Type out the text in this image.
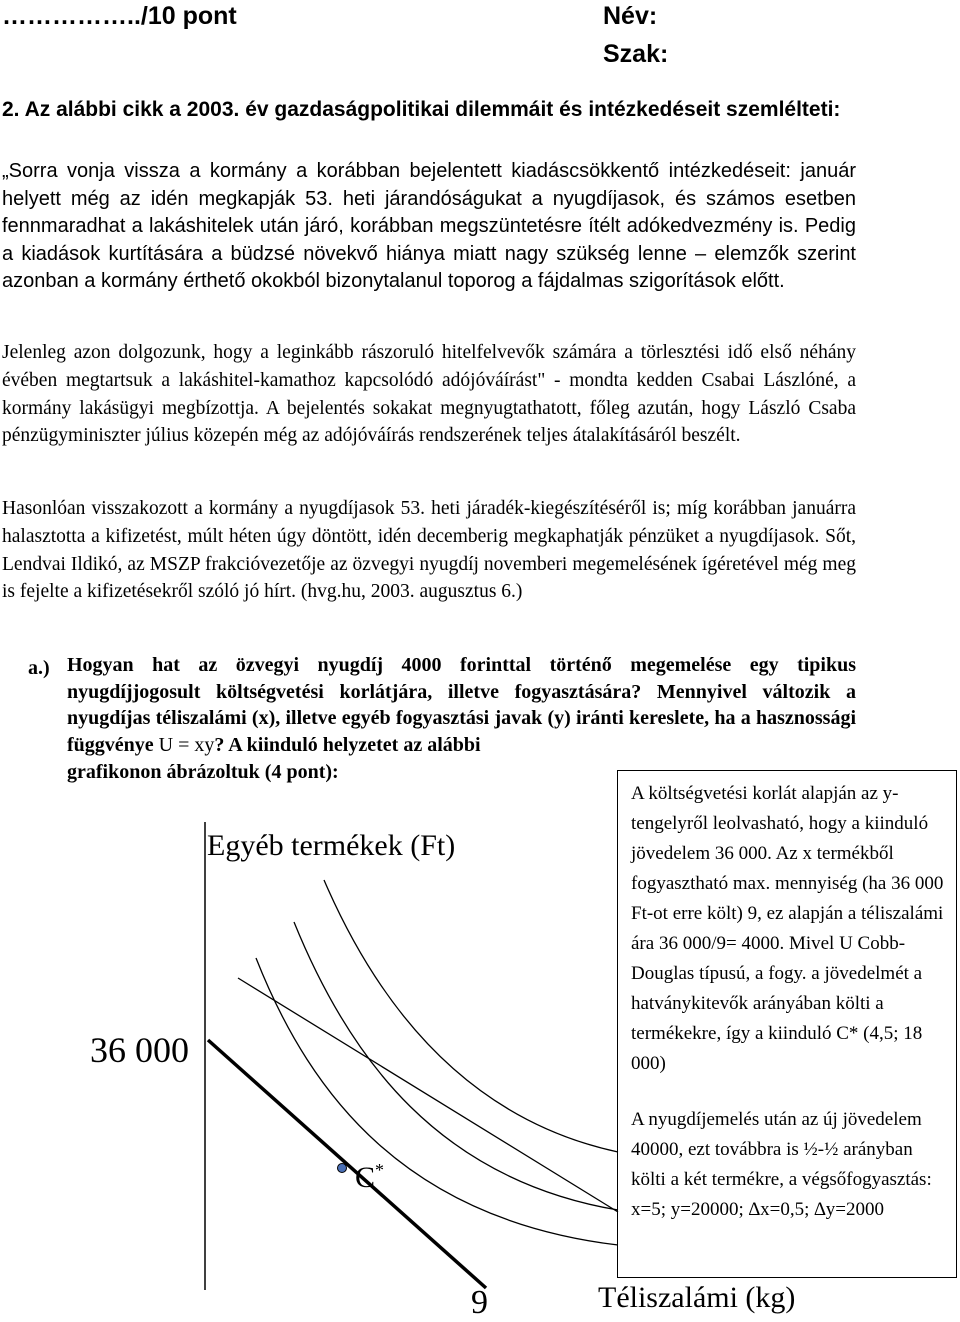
……………../10 pont	Név:
Szak:
2. Az alábbi cikk a 2003. év gazdaságpolitikai dilemmáit és intézkedéseit szemlélteti:

„Sorra vonja vissza a kormány a korábban bejelentett kiadáscsökkentő intézkedéseit: január helyett még az idén megkapják 53. heti járandóságukat a nyugdíjasok, és számos esetben fennmaradhat a lakáshitelek után járó, korábban megszüntetésre ítélt adókedvezmény is. Pedig a kiadások kurtítására a büdzsé növekvő hiánya miatt nagy szükség lenne – elemzők szerint azonban a kormány érthető okokból bizonytalanul toporog a fájdalmas szigorítások előtt.

Jelenleg azon dolgozunk, hogy a leginkább rászoruló hitelfelvevők számára a törlesztési idő első néhány évében megtartsuk a lakáshitel-kamathoz kapcsolódó adójóváírást" - mondta kedden Csabai Lászlóné, a kormány lakásügyi megbízottja. A bejelentés sokakat megnyugtathatott, főleg azután, hogy László Csaba pénzügyminiszter július közepén még az adójóváírás rendszerének teljes átalakításáról beszélt.

Hasonlóan visszakozott a kormány a nyugdíjasok 53. heti járadék-kiegészítéséről is; míg korábban januárra halasztotta a kifizetést, múlt héten úgy döntött, idén decemberig megkaphatják pénzüket a nyugdíjasok. Sőt, Lendvai Ildikó, az MSZP frakcióvezetője az özvegyi nyugdíj novemberi megemelésének ígéretével még meg is fejelte a kifizetésekről szóló jó hírt. (hvg.hu, 2003. augusztus 6.)

a.) Hogyan hat az özvegyi nyugdíj 4000 forinttal történő megemelése egy tipikus nyugdíjjogosult költségvetési korlátjára, illetve fogyasztására? Mennyivel változik a nyugdíjas téliszalámi (x), illetve egyéb fogyasztási javak (y) iránti kereslete, ha a hasznossági függvénye U = xy? A kiinduló helyzetet az alábbi

grafikonon ábrázoltuk (4 pont):
Egyéb termékek (Ft)
36 000
C*
9	Téliszalámi (kg)

A költségvetési korlát alapján az y-tengelyről leolvasható, hogy a kiinduló jövedelem 36 000. Az x termékből fogyasztható max. mennyiség (ha 36 000 Ft-ot erre költ) 9, ez alapján a téliszalámi ára 36 000/9= 4000. Mivel U Cobb-Douglas típusú, a fogy. a jövedelmét a hatványkitevők arányában költi a termékekre, így a kiinduló C* (4,5; 18 000)

A nyugdíjemelés után az új jövedelem 40000, ezt továbbra is ½-½ arányban költi a két termékre, a végsőfogyasztás: x=5; y=20000; ∆x=0,5; ∆y=2000
